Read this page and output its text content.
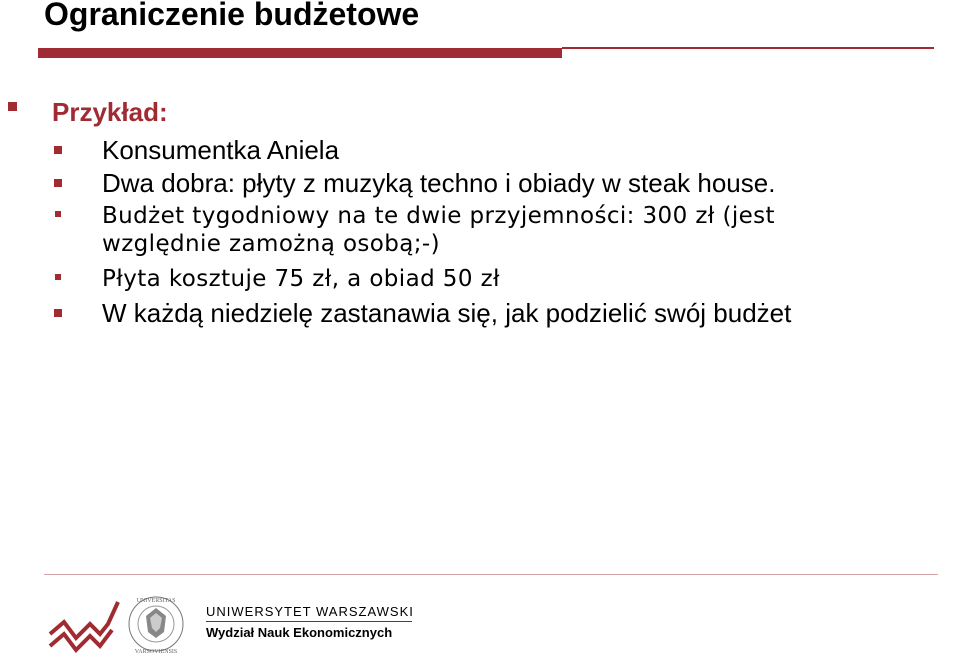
Ograniczenie budżetowe

Przykład:

Konsumentka Aniela
Dwa dobra: płyty z muzyką techno i obiady w steak house.
Budżet tygodniowy na te dwie przyjemności: 300 zł (jest
względnie zamożną osobą;-)
Płyta kosztuje 75 zł, a obiad 50 zł
W każdą niedzielę zastanawia się, jak podzielić swój budżet
UNIVERSITAS
VARSOVIENSIS
UNIWERSYTET WARSZAWSKI
Wydział Nauk Ekonomicznych
